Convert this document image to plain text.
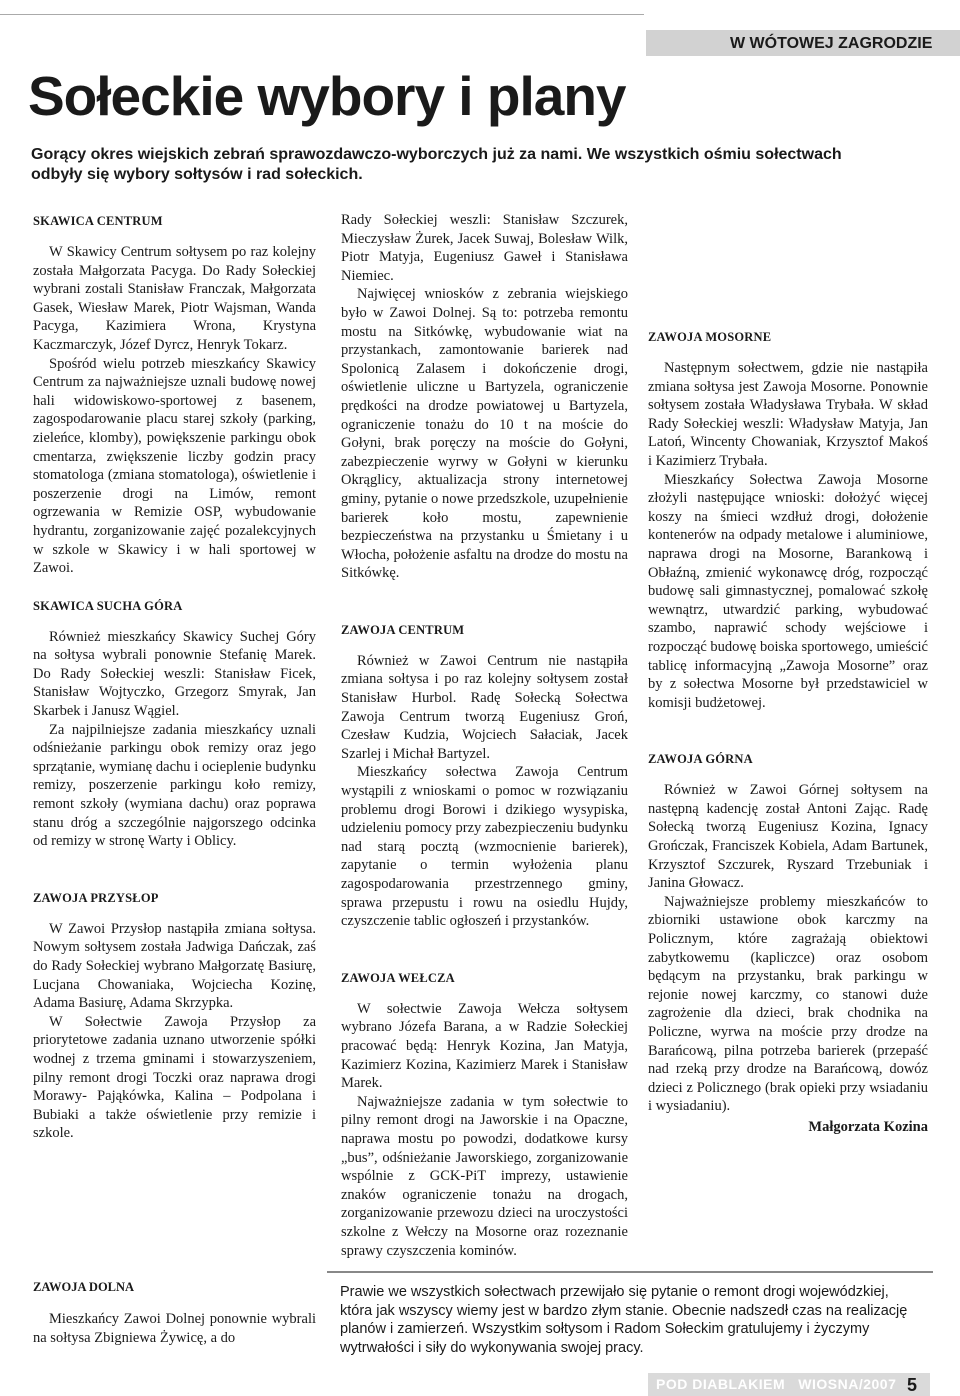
W WÓTOWEJ ZAGRODZIE
Sołeckie wybory i plany
Gorący okres wiejskich zebrań sprawozdawczo-wyborczych już za nami. We wszystkich ośmiu sołectwach odbyły się wybory sołtysów i rad sołeckich.
SKAWICA CENTRUM

W Skawicy Centrum sołtysem po raz kolejny została Małgorzata Pacyga. Do Rady Sołeckiej wybrani zostali Stanisław Franczak, Małgorzata Gasek, Wiesław Marek, Piotr Wajsman, Wanda Pacyga, Kazimiera Wrona, Krystyna Kaczmarczyk, Józef Dyrcz, Henryk Tokarz.

Spośród wielu potrzeb mieszkańcy Skawicy Centrum za najważniejsze uznali budowę nowej hali widowiskowo-sportowej z basenem, zagospodarowanie placu starej szkoły (parking, zieleńce, klomby), powiększenie parkingu obok cmentarza, zwiększenie liczby godzin pracy stomatologa (zmiana stomatologa), oświetlenie i poszerzenie drogi na Limów, remont ogrzewania w Remizie OSP, wybudowanie hydrantu, zorganizowanie zajęć pozalekcyjnych w szkole w Skawicy i w hali sportowej w Zawoi.

SKAWICA SUCHA GÓRA

Również mieszkańcy Skawicy Suchej Góry na sołtysa wybrali ponownie Stefanię Marek. Do Rady Sołeckiej weszli: Stanisław Ficek, Stanisław Wojtyczko, Grzegorz Smyrak, Jan Skarbek i Janusz Wągiel.

Za najpilniejsze zadania mieszkańcy uznali odśnieżanie parkingu obok remizy oraz jego sprzątanie, wymianę dachu i ocieplenie budynku remizy, poszerzenie parkingu koło remizy, remont szkoły (wymiana dachu) oraz poprawa stanu dróg a szczególnie najgorszego odcinka od remizy w stronę Warty i Oblicy.

ZAWOJA PRZYSŁOP

W Zawoi Przysłop nastąpiła zmiana sołtysa. Nowym sołtysem została Jadwiga Dańczak, zaś do Rady Sołeckiej wybrano Małgorzatę Basiurę, Lucjana Chowaniaka, Wojciecha Kozinę, Adama Basiurę, Adama Skrzypka.

W Sołectwie Zawoja Przysłop za priorytetowe zadania uznano utworzenie spółki wodnej z trzema gminami i stowarzyszeniem, pilny remont drogi Toczki oraz naprawa drogi Morawy- Pająkówka, Kalina – Podpolana i Bubiaki a także oświetlenie przy remizie i szkole.

Rady Sołeckiej weszli: Stanisław Szczurek, Mieczysław Żurek, Jacek Suwaj, Bolesław Wilk, Piotr Matyja, Eugeniusz Gaweł i Stanisława Niemiec.

Najwięcej wniosków z zebrania wiejskiego było w Zawoi Dolnej. Są to: potrzeba remontu mostu na Sitkówkę, wybudowanie wiat na przystankach, zamontowanie barierek nad Spolonicą Zalasem i dokończenie drogi, oświetlenie uliczne u Bartyzela, ograniczenie prędkości na drodze powiatowej u Bartyzela, ograniczenie tonażu do 10 t na moście do Gołyni, brak poręczy na moście do Gołyni, zabezpieczenie wyrwy w Gołyni w kierunku Okrąglicy, aktualizacja strony internetowej gminy, pytanie o nowe przedszkole, uzupełnienie barierek koło mostu, zapewnienie bezpieczeństwa na przystanku u Śmietany i u Włocha, położenie asfaltu na drodze do mostu na Sitkówkę.

ZAWOJA CENTRUM

Również w Zawoi Centrum nie nastąpiła zmiana sołtysa i po raz kolejny sołtysem został Stanisław Hurbol. Radę Sołecką Sołectwa Zawoja Centrum tworzą Eugeniusz Groń, Czesław Kudzia, Wojciech Sałaciak, Jacek Szarlej i Michał Bartyzel.

Mieszkańcy sołectwa Zawoja Centrum wystąpili z wnioskami o pomoc w rozwiązaniu problemu drogi Borowi i dzikiego wysypiska, udzieleniu pomocy przy zabezpieczeniu budynku nad starą pocztą (wzmocnienie barierek), zapytanie o termin wyłożenia planu zagospodarowania przestrzennego gminy, sprawa przepustu i rowu na osiedlu Hujdy, czyszczenie tablic ogłoszeń i przystanków.

ZAWOJA WEŁCZA

W sołectwie Zawoja Wełcza sołtysem wybrano Józefa Barana, a w Radzie Sołeckiej pracować będą: Henryk Kozina, Jan Matyja, Kazimierz Kozina, Kazimierz Marek i Stanisław Marek.

Najważniejsze zadania w tym sołectwie to pilny remont drogi na Jaworskie i na Opaczne, naprawa mostu po powodzi, dodatkowe kursy „bus”, odśnieżanie Jaworskiego, zorganizowanie wspólnie z GCK-PiT imprezy, ustawienie znaków ograniczenie tonażu na drogach, zorganizowanie przewozu dzieci na uroczystości szkolne z Wełczy na Mosorne oraz rozeznanie sprawy czyszczenia kominów.

ZAWOJA MOSORNE

Następnym sołectwem, gdzie nie nastąpiła zmiana sołtysa jest Zawoja Mosorne. Ponownie sołtysem została Władysława Trybała. W skład Rady Sołeckiej weszli: Władysław Matyja, Jan Latoń, Wincenty Chowaniak, Krzysztof Makoś i Kazimierz Trybała.

Mieszkańcy Sołectwa Zawoja Mosorne złożyli następujące wnioski: dołożyć więcej koszy na śmieci wzdłuż drogi, dołożenie kontenerów na odpady metalowe i aluminiowe, naprawa drogi na Mosorne, Barankową i Obłaźną, zmienić wykonawcę dróg, rozpocząć budowę sali gimnastycznej, pomalować szkołę wewnątrz, utwardzić parking, wybudować szambo, naprawić schody wejściowe i rozpocząć budowę boiska sportowego, umieścić tablicę informacyjną „Zawoja Mosorne” oraz by z sołectwa Mosorne był przedstawiciel w komisji budżetowej.

ZAWOJA GÓRNA

Również w Zawoi Górnej sołtysem na następną kadencję został Antoni Zając. Radę Sołecką tworzą Eugeniusz Kozina, Ignacy Grończak, Franciszek Kobiela, Adam Bartunek, Krzysztof Szczurek, Ryszard Trzebuniak i Janina Głowacz.

Najważniejsze problemy mieszkańców to zbiorniki ustawione obok karczmy na Policznym, które zagrażają obiektowi zabytkowemu (kapliczce) oraz osobom będącym na przystanku, brak parkingu w rejonie nowej karczmy, co stanowi duże zagrożenie dla dzieci, brak chodnika na Policzne, wyrwa na moście przy drodze na Barańcową, pilna potrzeba barierek (przepaść nad rzeką przy drodze na Barańcową, dowóz dzieci z Policznego (brak opieki przy wsiadaniu i wysiadaniu).

Małgorzata Kozina

ZAWOJA DOLNA

Mieszkańcy Zawoi Dolnej ponownie wybrali na sołtysa Zbigniewa Żywicę, a do

Prawie we wszystkich sołectwach przewijało się pytanie o remont drogi wojewódzkiej, która jak wszyscy wiemy jest w bardzo złym stanie. Obecnie nadszedł czas na realizację planów i zamierzeń. Wszystkim sołtysom i Radom Sołeckim gratulujemy i życzymy wytrwałości i siły do wykonywania swojej pracy.
POD DIABLAKIEM   WIOSNA/2007 5
